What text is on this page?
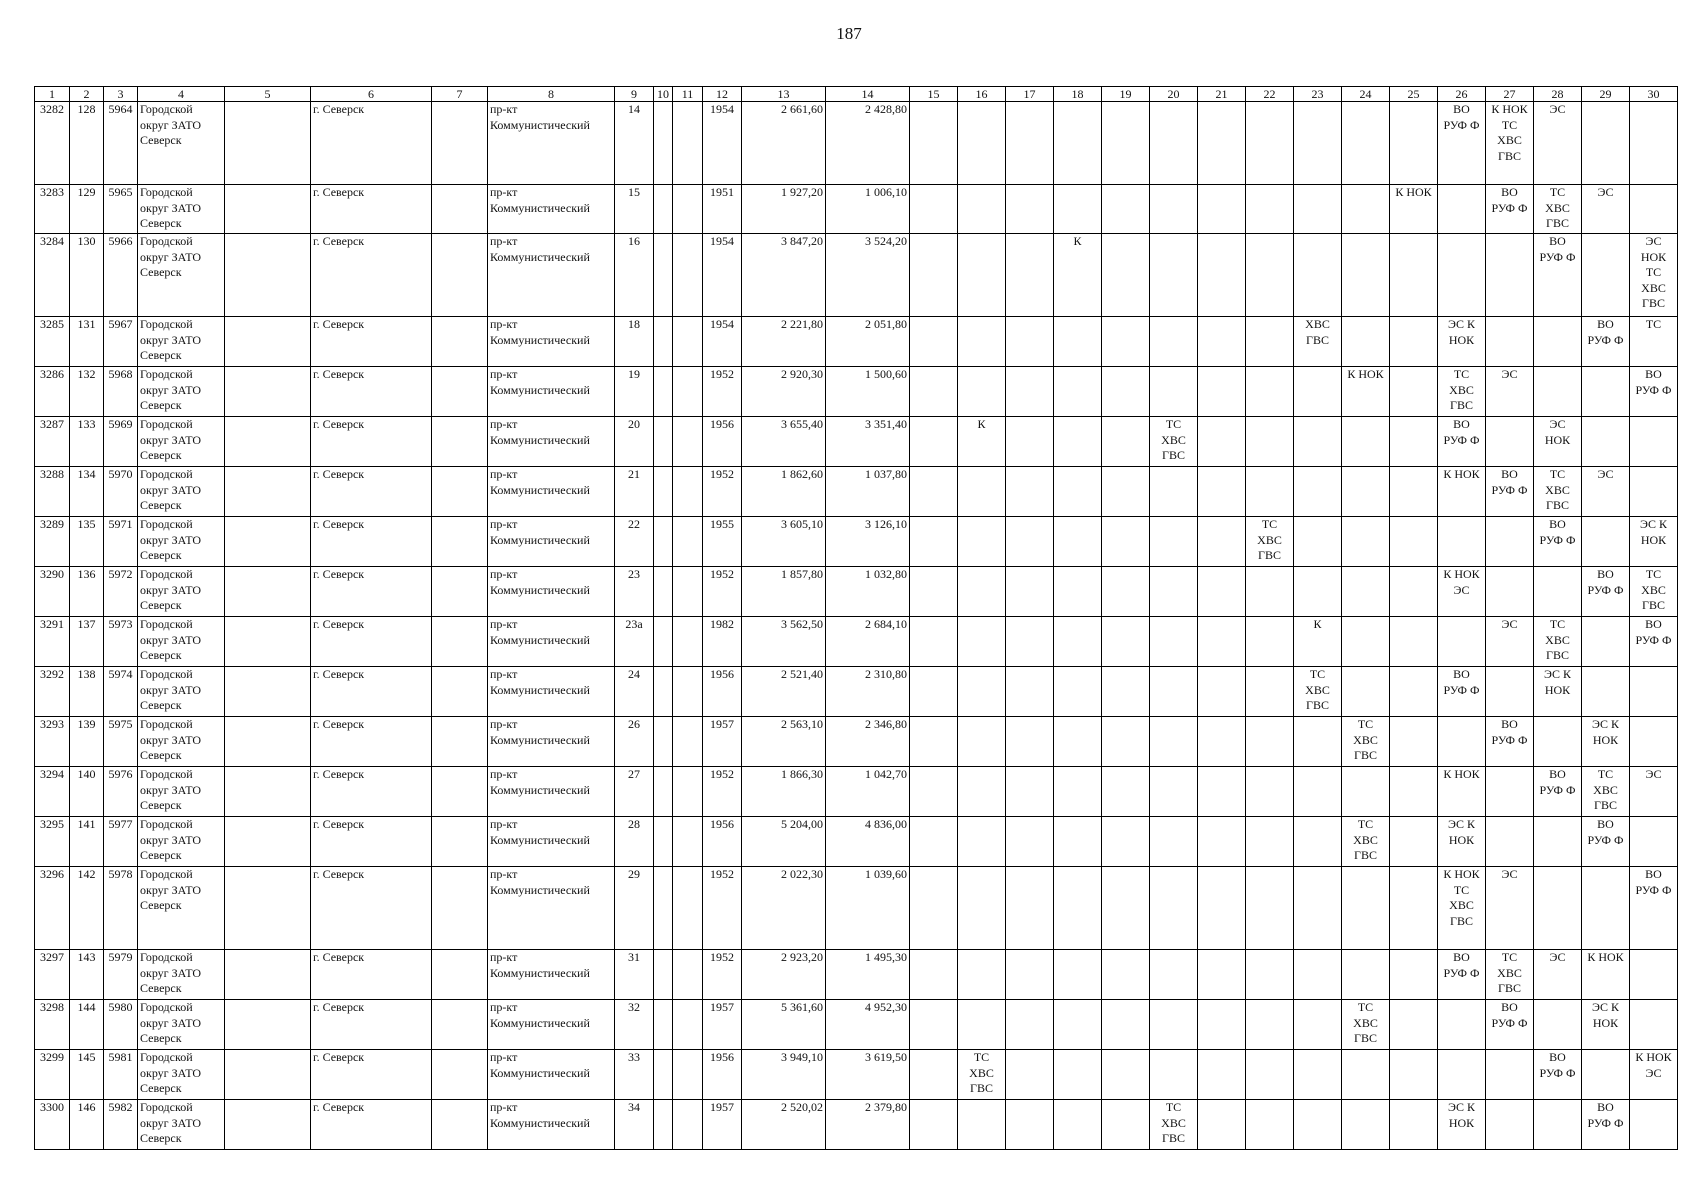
187
1	2	3	4	5	6	7	8	9	10	11	12	13	14	15	16	17	18	19	20	21	22	23	24	25	26	27	28	29	30
3282	128	5964	Городской
округ ЗАТО
Северск		г. Северск		пр-кт
Коммунистический	14			1954	2 661,60	2 428,80												ВО
РУФ Ф	К НОК
ТС
ХВС
ГВС	ЭС		
3283	129	5965	Городской
округ ЗАТО
Северск		г. Северск		пр-кт
Коммунистический	15			1951	1 927,20	1 006,10											К НОК		ВО
РУФ Ф	ТС
ХВС
ГВС	ЭС	
3284	130	5966	Городской
округ ЗАТО
Северск		г. Северск		пр-кт
Коммунистический	16			1954	3 847,20	3 524,20				К										ВО
РУФ Ф		ЭС
НОК
ТС
ХВС
ГВС
3285	131	5967	Городской
округ ЗАТО
Северск		г. Северск		пр-кт
Коммунистический	18			1954	2 221,80	2 051,80									ХВС
ГВС			ЭС К
НОК			ВО
РУФ Ф	ТС
3286	132	5968	Городской
округ ЗАТО
Северск		г. Северск		пр-кт
Коммунистический	19			1952	2 920,30	1 500,60										К НОК		ТС
ХВС
ГВС	ЭС			ВО
РУФ Ф
3287	133	5969	Городской
округ ЗАТО
Северск		г. Северск		пр-кт
Коммунистический	20			1956	3 655,40	3 351,40		К				ТС
ХВС
ГВС						ВО
РУФ Ф		ЭС
НОК		
3288	134	5970	Городской
округ ЗАТО
Северск		г. Северск		пр-кт
Коммунистический	21			1952	1 862,60	1 037,80												К НОК	ВО
РУФ Ф	ТС
ХВС
ГВС	ЭС	
3289	135	5971	Городской
округ ЗАТО
Северск		г. Северск		пр-кт
Коммунистический	22			1955	3 605,10	3 126,10								ТС
ХВС
ГВС						ВО
РУФ Ф		ЭС К
НОК
3290	136	5972	Городской
округ ЗАТО
Северск		г. Северск		пр-кт
Коммунистический	23			1952	1 857,80	1 032,80												К НОК
ЭС			ВО
РУФ Ф	ТС
ХВС
ГВС
3291	137	5973	Городской
округ ЗАТО
Северск		г. Северск		пр-кт
Коммунистический	23а			1982	3 562,50	2 684,10									К				ЭС	ТС
ХВС
ГВС		ВО
РУФ Ф
3292	138	5974	Городской
округ ЗАТО
Северск		г. Северск		пр-кт
Коммунистический	24			1956	2 521,40	2 310,80									ТС
ХВС
ГВС			ВО
РУФ Ф		ЭС К
НОК		
3293	139	5975	Городской
округ ЗАТО
Северск		г. Северск		пр-кт
Коммунистический	26			1957	2 563,10	2 346,80										ТС
ХВС
ГВС			ВО
РУФ Ф		ЭС К
НОК	
3294	140	5976	Городской
округ ЗАТО
Северск		г. Северск		пр-кт
Коммунистический	27			1952	1 866,30	1 042,70												К НОК		ВО
РУФ Ф	ТС
ХВС
ГВС	ЭС
3295	141	5977	Городской
округ ЗАТО
Северск		г. Северск		пр-кт
Коммунистический	28			1956	5 204,00	4 836,00										ТС
ХВС
ГВС		ЭС К
НОК			ВО
РУФ Ф	
3296	142	5978	Городской
округ ЗАТО
Северск		г. Северск		пр-кт
Коммунистический	29			1952	2 022,30	1 039,60												К НОК
ТС
ХВС
ГВС	ЭС			ВО
РУФ Ф
3297	143	5979	Городской
округ ЗАТО
Северск		г. Северск		пр-кт
Коммунистический	31			1952	2 923,20	1 495,30												ВО
РУФ Ф	ТС
ХВС
ГВС	ЭС	К НОК	
3298	144	5980	Городской
округ ЗАТО
Северск		г. Северск		пр-кт
Коммунистический	32			1957	5 361,60	4 952,30										ТС
ХВС
ГВС			ВО
РУФ Ф		ЭС К
НОК	
3299	145	5981	Городской
округ ЗАТО
Северск		г. Северск		пр-кт
Коммунистический	33			1956	3 949,10	3 619,50		ТС
ХВС
ГВС												ВО
РУФ Ф		К НОК
ЭС
3300	146	5982	Городской
округ ЗАТО
Северск		г. Северск		пр-кт
Коммунистический	34			1957	2 520,02	2 379,80						ТС
ХВС
ГВС						ЭС К
НОК			ВО
РУФ Ф	
